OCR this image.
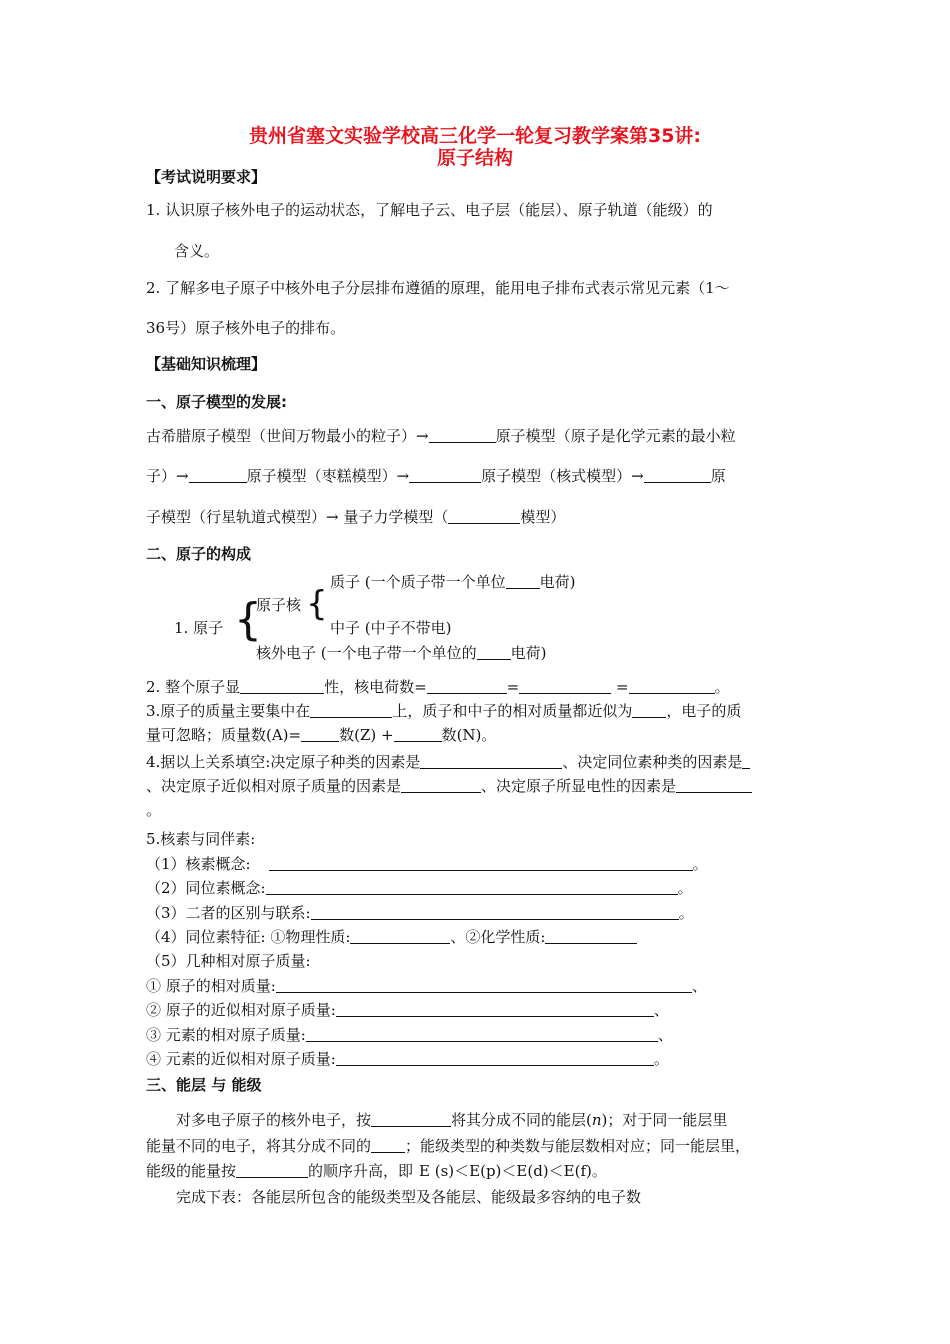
贵州省塞文实验学校高三化学一轮复习教学案第35讲:
原子结构
【考试说明要求】
1. 认识原子核外电子的运动状态，了解电子云、电子层（能层）、原子轨道（能级）的
含义。
2. 了解多电子原子中核外电子分层排布遵循的原理，能用电子排布式表示常见元素（1～
36号）原子核外电子的排布。
【基础知识梳理】
一、原子模型的发展:
古希腊原子模型（世间万物最小的粒子）→	原子模型（原子是化学元素的最小粒
子）→	原子模型（枣糕模型）→	原子模型（核式模型）→	原
子模型（行星轨道式模型）→ 量子力学模型（	模型）
二、原子的构成
质子 (一个质子带一个单位 电荷)
原子核 {
中子 (中子不带电)
1. 原子 {
核外电子 (一个电子带一个单位的 电荷)
2. 整个原子显	性，核电荷数=	=	=	。
3.原子的质量主要集中在	上，质子和中子的相对质量都近似为 ，电子的质
量可忽略；质量数(A)=	数(Z) +	数(N)。
4.据以上关系填空:决定原子种类的因素是	、决定同位素种类的因素是
、决定原子近似相对原子质量的因素是	、决定原子所显电性的因素是
。
5.核素与同伴素:
（1）核素概念:	。
（2）同位素概念:	。
（3）二者的区别与联系:	。
（4）同位素特征: ①物理性质:	、②化学性质:
（5）几种相对原子质量:
① 原子的相对质量:	、
② 原子的近似相对原子质量:	、
③ 元素的相对原子质量:	、
④ 元素的近似相对原子质量:	。
三、能层 与 能级
对多电子原子的核外电子，按	将其分成不同的能层(n)；对于同一能层里
能量不同的电子，将其分成不同的 ；能级类型的种类数与能层数相对应；同一能层里，
能级的能量按	的顺序升高，即 E (s)＜E(p)＜E(d)＜E(f)。
完成下表：各能层所包含的能级类型及各能层、能级最多容纳的电子数
